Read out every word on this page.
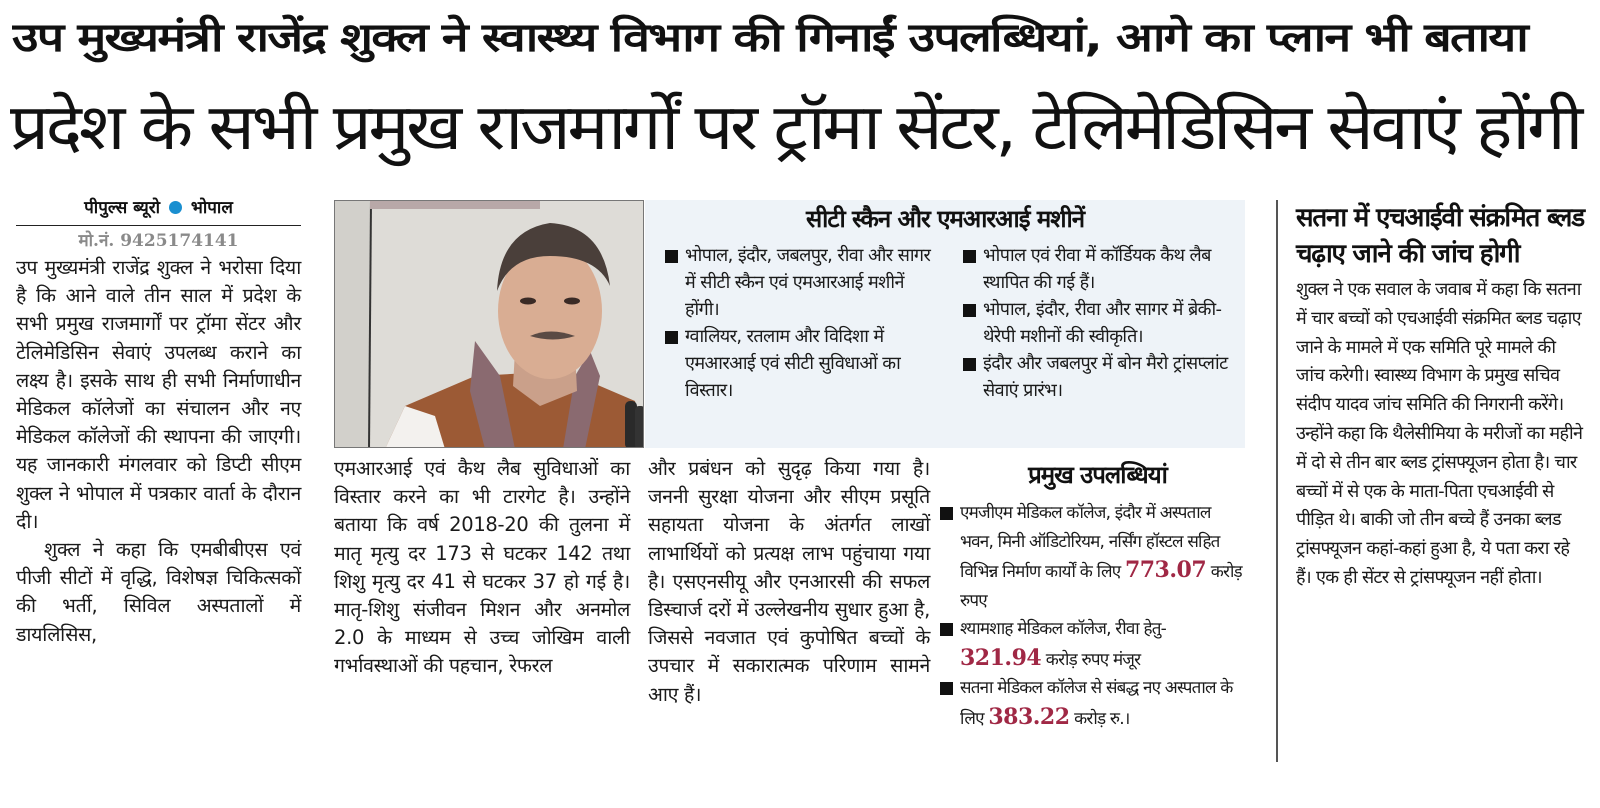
उप मुख्यमंत्री राजेंद्र शुक्ल ने स्वास्थ्य विभाग की गिनाईं उपलब्धियां, आगे का प्लान भी बताया
प्रदेश के सभी प्रमुख राजमार्गों पर ट्रॉमा सेंटर, टेलिमेडिसिन सेवाएं होंगी
पीपुल्स ब्यूरो भोपाल
मो.नं. 9425174141

उप मुख्यमंत्री राजेंद्र शुक्ल ने भरोसा दिया है कि आने वाले तीन साल में प्रदेश के सभी प्रमुख राजमार्गों पर ट्रॉमा सेंटर और टेलिमेडिसिन सेवाएं उपलब्ध कराने का लक्ष्य है। इसके साथ ही सभी निर्माणाधीन मेडिकल कॉलेजों का संचालन और नए मेडिकल कॉलेजों की स्थापना की जाएगी। यह जानकारी मंगलवार को डिप्टी सीएम शुक्ल ने भोपाल में पत्रकार वार्ता के दौरान दी।

शुक्ल ने कहा कि एमबीबीएस एवं पीजी सीटों में वृद्धि, विशेषज्ञ चिकित्सकों की भर्ती, सिविल अस्पतालों में डायलिसिस,

सीटी स्कैन और एमआरआई मशीनें
भोपाल, इंदौर, जबलपुर, रीवा और सागर में सीटी स्कैन एवं एमआरआई मशीनें होंगी।
ग्वालियर, रतलाम और विदिशा में एमआरआई एवं सीटी सुविधाओं का विस्तार।
भोपाल एवं रीवा में कॉर्डियक कैथ लैब स्थापित की गई हैं।
भोपाल, इंदौर, रीवा और सागर में ब्रेकी-थेरेपी मशीनों की स्वीकृति।
इंदौर और जबलपुर में बोन मैरो ट्रांसप्लांट सेवाएं प्रारंभ।

एमआरआई एवं कैथ लैब सुविधाओं का विस्तार करने का भी टारगेट है। उन्होंने बताया कि वर्ष 2018-20 की तुलना में मातृ मृत्यु दर 173 से घटकर 142 तथा शिशु मृत्यु दर 41 से घटकर 37 हो गई है। मातृ-शिशु संजीवन मिशन और अनमोल 2.0 के माध्यम से उच्च जोखिम वाली गर्भावस्थाओं की पहचान, रेफरल

और प्रबंधन को सुदृढ़ किया गया है। जननी सुरक्षा योजना और सीएम प्रसूति सहायता योजना के अंतर्गत लाखों लाभार्थियों को प्रत्यक्ष लाभ पहुंचाया गया है। एसएनसीयू और एनआरसी की सफल डिस्चार्ज दरों में उल्लेखनीय सुधार हुआ है, जिससे नवजात एवं कुपोषित बच्चों के उपचार में सकारात्मक परिणाम सामने आए हैं।

प्रमुख उपलब्धियां
एमजीएम मेडिकल कॉलेज, इंदौर में अस्पताल भवन, मिनी ऑडिटोरियम, नर्सिंग हॉस्टल सहित विभिन्न निर्माण कार्यों के लिए 773.07 करोड़ रुपए
श्यामशाह मेडिकल कॉलेज, रीवा हेतु- 321.94 करोड़ रुपए मंजूर
सतना मेडिकल कॉलेज से संबद्ध नए अस्पताल के लिए 383.22 करोड़ रु.।
सतना में एचआईवी संक्रमित ब्लड चढ़ाए जाने की जांच होगी
शुक्ल ने एक सवाल के जवाब में कहा कि सतना में चार बच्चों को एचआईवी संक्रमित ब्लड चढ़ाए जाने के मामले में एक समिति पूरे मामले की जांच करेगी। स्वास्थ्य विभाग के प्रमुख सचिव संदीप यादव जांच समिति की निगरानी करेंगे। उन्होंने कहा कि थैलेसीमिया के मरीजों का महीने में दो से तीन बार ब्लड ट्रांसफ्यूजन होता है। चार बच्चों में से एक के माता-पिता एचआईवी से पीड़ित थे। बाकी जो तीन बच्चे हैं उनका ब्लड ट्रांसफ्यूजन कहां-कहां हुआ है, ये पता करा रहे हैं। एक ही सेंटर से ट्रांसफ्यूजन नहीं होता।
